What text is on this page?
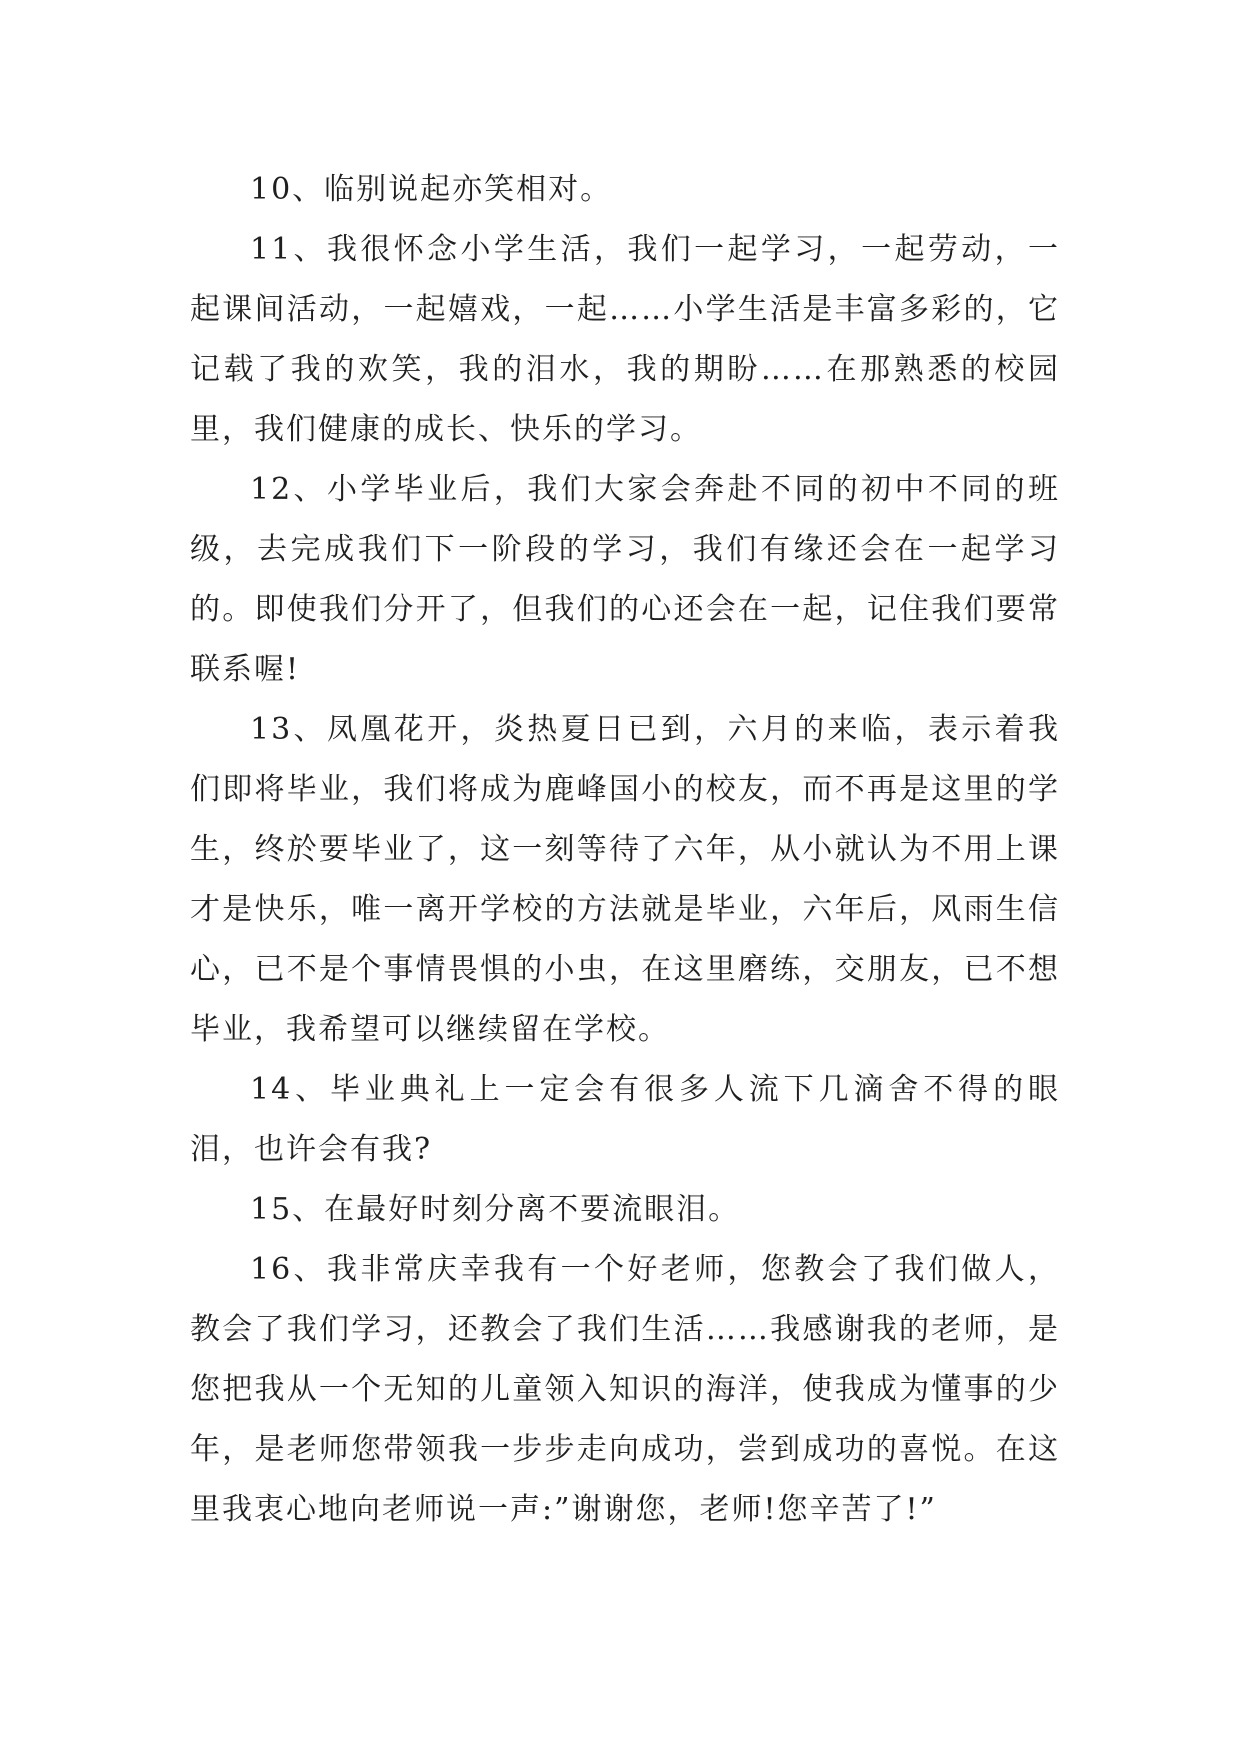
10、临别说起亦笑相对。

11、我很怀念小学生活，我们一起学习，一起劳动，一起课间活动，一起嬉戏，一起……小学生活是丰富多彩的，它记载了我的欢笑，我的泪水，我的期盼……在那熟悉的校园里，我们健康的成长、快乐的学习。

12、小学毕业后，我们大家会奔赴不同的初中不同的班级，去完成我们下一阶段的学习，我们有缘还会在一起学习的。即使我们分开了，但我们的心还会在一起，记住我们要常联系喔!

13、凤凰花开，炎热夏日已到，六月的来临，表示着我们即将毕业，我们将成为鹿峰国小的校友，而不再是这里的学生，终於要毕业了，这一刻等待了六年，从小就认为不用上课才是快乐，唯一离开学校的方法就是毕业，六年后，风雨生信心，已不是个事情畏惧的小虫，在这里磨练，交朋友，已不想毕业，我希望可以继续留在学校。

14、毕业典礼上一定会有很多人流下几滴舍不得的眼泪，也许会有我?

15、在最好时刻分离不要流眼泪。

16、我非常庆幸我有一个好老师，您教会了我们做人，教会了我们学习，还教会了我们生活……我感谢我的老师，是您把我从一个无知的儿童领入知识的海洋，使我成为懂事的少年，是老师您带领我一步步走向成功，尝到成功的喜悦。在这里我衷心地向老师说一声:”谢谢您，老师!您辛苦了!”
